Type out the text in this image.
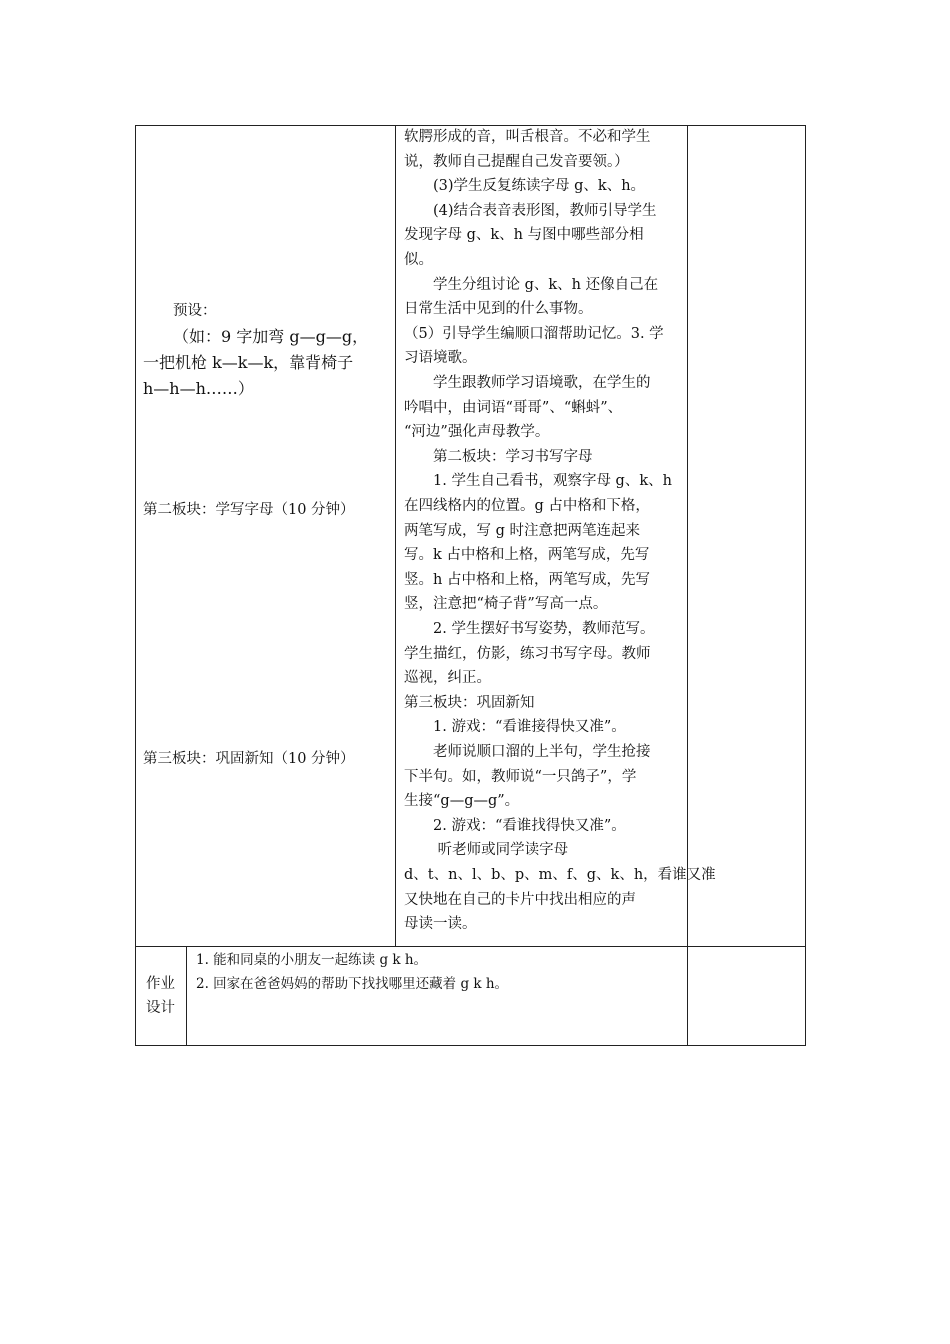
预设：
（如：9 字加弯 g—g—g，
一把机枪 k—k—k，靠背椅子
h—h—h……）
第二板块：学写字母（10 分钟）
第三板块：巩固新知（10 分钟）
软腭形成的音，叫舌根音。不必和学生
说，教师自己提醒自己发音要领。）
　　(3)学生反复练读字母 g、k、h。
　　(4)结合表音表形图，教师引导学生
发现字母 g、k、h 与图中哪些部分相
似。
　　学生分组讨论 g、k、h 还像自己在
日常生活中见到的什么事物。
（5）引导学生编顺口溜帮助记忆。3. 学
习语境歌。
　　学生跟教师学习语境歌，在学生的
吟唱中，由词语“哥哥”、“蝌蚪”、
“河边”强化声母教学。
　　第二板块：学习书写字母
　　1. 学生自己看书，观察字母 g、k、h
在四线格内的位置。g 占中格和下格，
两笔写成，写 g 时注意把两笔连起来
写。k 占中格和上格，两笔写成，先写
竖。h 占中格和上格，两笔写成，先写
竖，注意把“椅子背”写高一点。
　　2. 学生摆好书写姿势，教师范写。
学生描红，仿影，练习书写字母。教师
巡视，纠正。
第三板块：巩固新知
　　1. 游戏：“看谁接得快又准”。
　　老师说顺口溜的上半句，学生抢接
下半句。如，教师说“一只鸽子”，学
生接“g—g—g”。
　　2. 游戏：“看谁找得快又准”。
　　 听老师或同学读字母
d、t、n、l、b、p、m、f、g、k、h，看谁又准
又快地在自己的卡片中找出相应的声
母读一读。
作业
设计
1. 能和同桌的小朋友一起练读 g k h。
2. 回家在爸爸妈妈的帮助下找找哪里还藏着 g k h。
